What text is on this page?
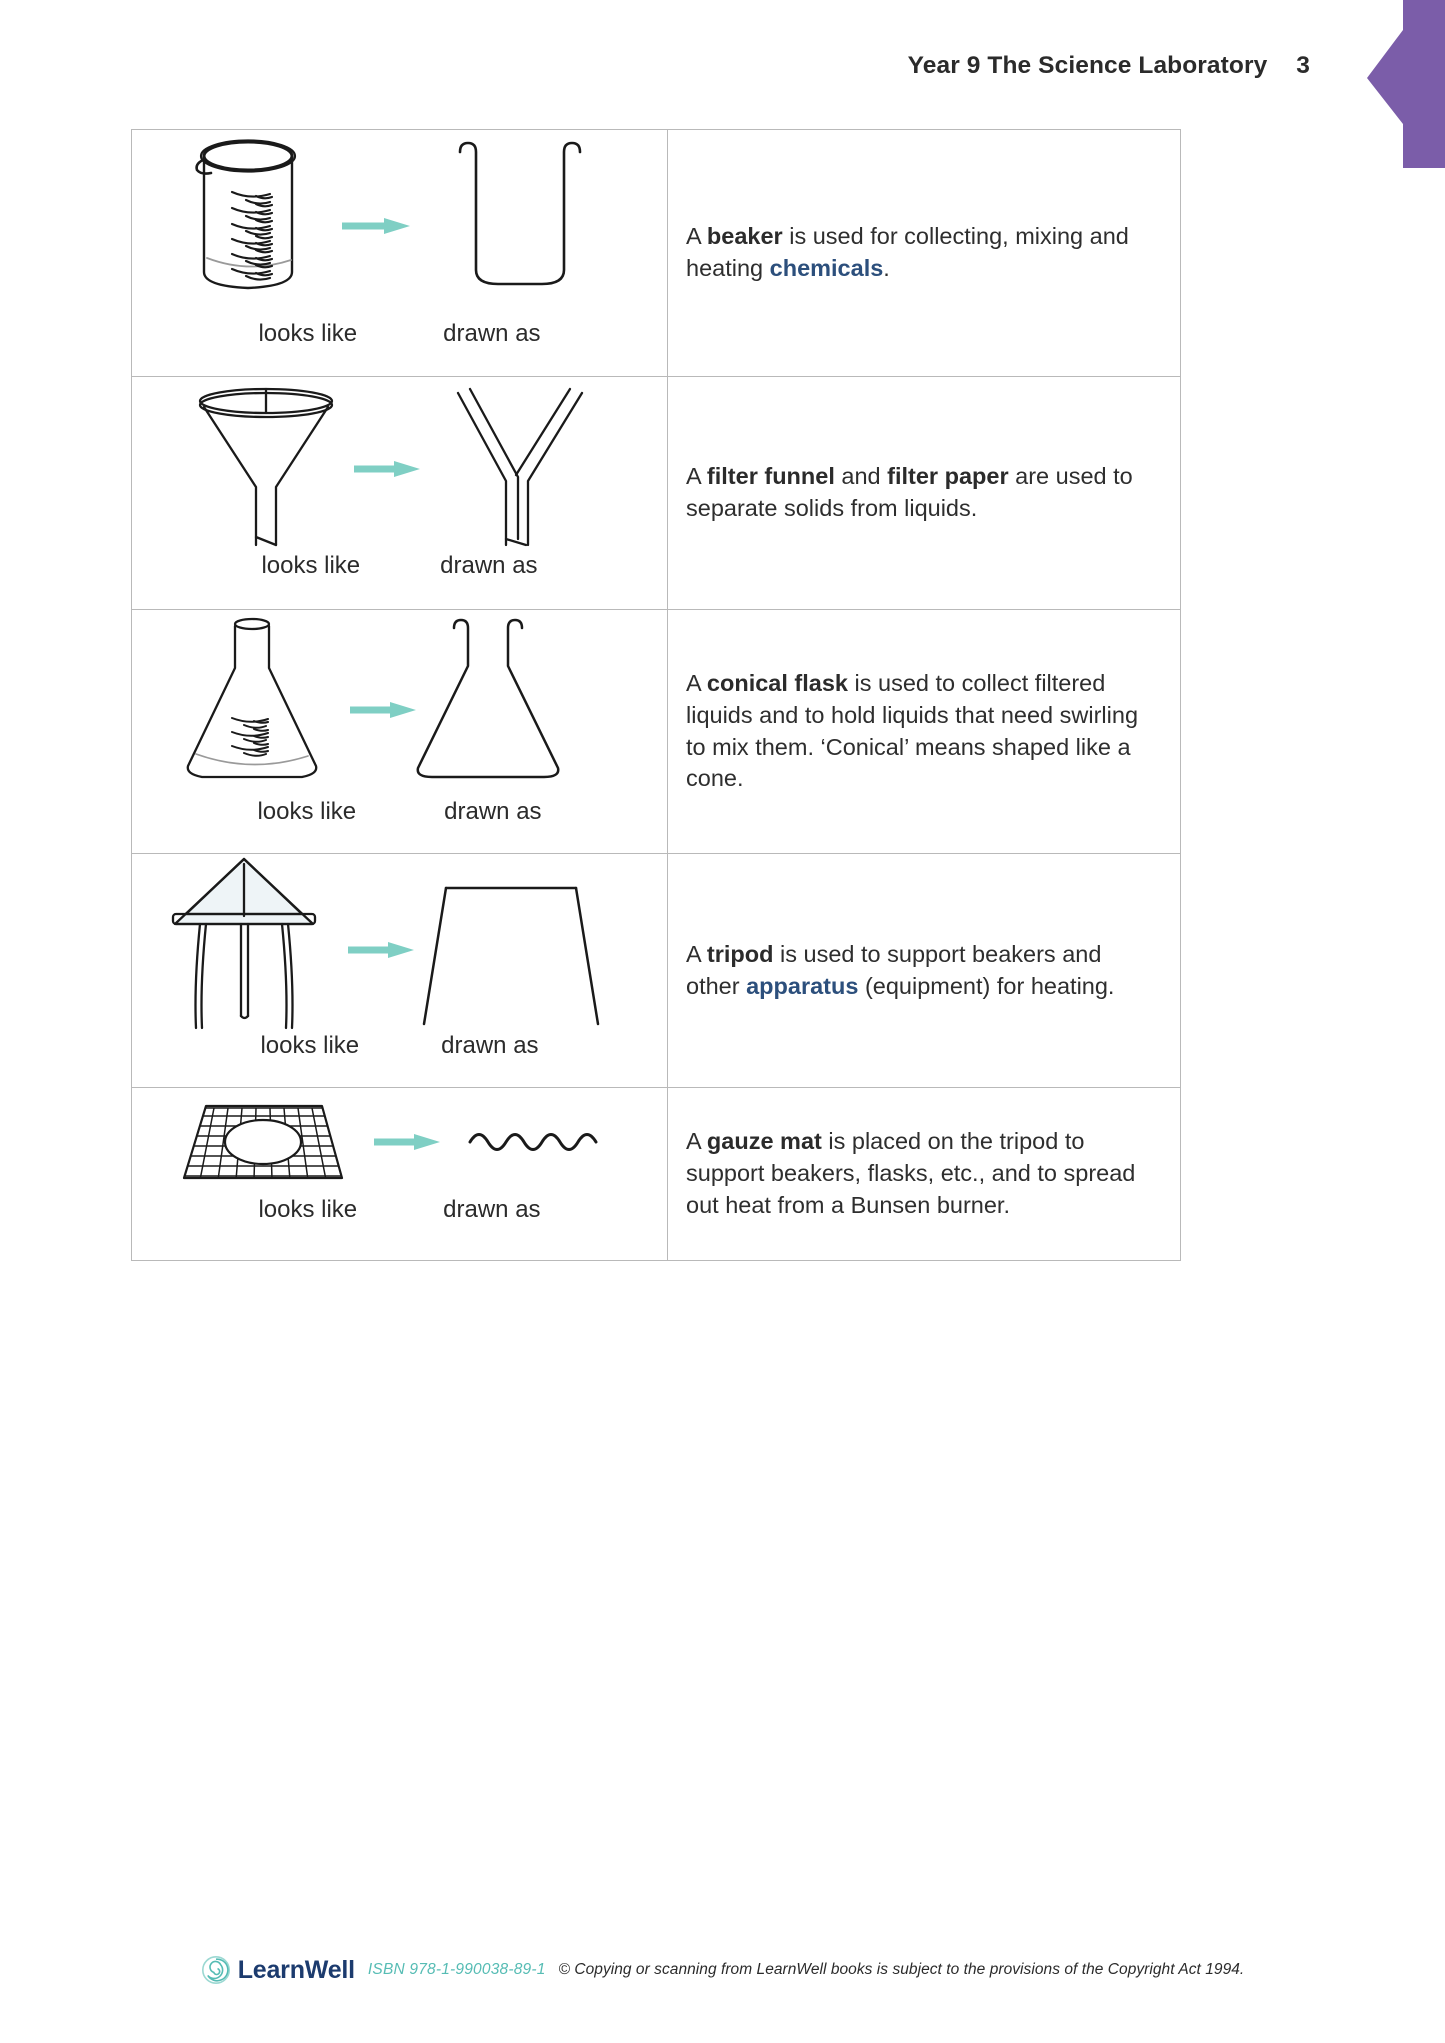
Year 9 The Science Laboratory 3
looks like drawn as	A beaker is used for collecting, mixing and heating chemicals.

looks like drawn as	A filter funnel and filter paper are used to separate solids from liquids.

looks like drawn as	A conical flask is used to collect filtered liquids and to hold liquids that need swirling to mix them. ‘Conical’ means shaped like a cone.

looks like drawn as	A tripod is used to support beakers and other apparatus (equipment) for heating.

looks like drawn as	A gauze mat is placed on the tripod to support beakers, flasks, etc., and to spread out heat from a Bunsen burner.
LearnWell ISBN 978-1-990038-89-1 © Copying or scanning from LearnWell books is subject to the provisions of the Copyright Act 1994.
